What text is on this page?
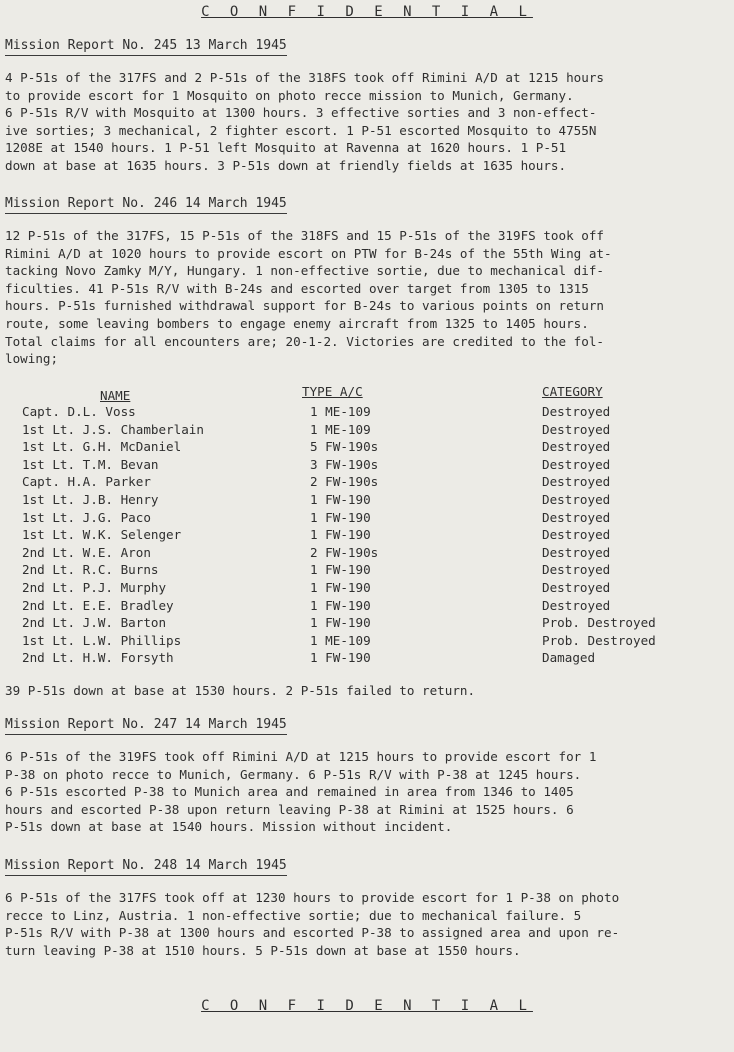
C O N F I D E N T I A L
Mission Report No. 245 13 March 1945
4 P-51s of the 317FS and 2 P-51s of the 318FS took off Rimini A/D at 1215 hours
to provide escort for 1 Mosquito on photo recce mission to Munich, Germany.
6 P-51s R/V with Mosquito at 1300 hours. 3 effective sorties and 3 non-effect-
ive sorties; 3 mechanical, 2 fighter escort. 1 P-51 escorted Mosquito to 4755N
1208E at 1540 hours. 1 P-51 left Mosquito at Ravenna at 1620 hours. 1 P-51
down at base at 1635 hours. 3 P-51s down at friendly fields at 1635 hours.
Mission Report No. 246 14 March 1945
12 P-51s of the 317FS, 15 P-51s of the 318FS and 15 P-51s of the 319FS took off
Rimini A/D at 1020 hours to provide escort on PTW for B-24s of the 55th Wing at-
tacking Novo Zamky M/Y, Hungary. 1 non-effective sortie, due to mechanical dif-
ficulties. 41 P-51s R/V with B-24s and escorted over target from 1305 to 1315
hours. P-51s furnished withdrawal support for B-24s to various points on return
route, some leaving bombers to engage enemy aircraft from 1325 to 1405 hours.
Total claims for all encounters are; 20-1-2. Victories are credited to the fol-
lowing;
NAME	TYPE A/C	CATEGORY
Capt. D.L. Voss	1 ME-109	Destroyed
1st Lt. J.S. Chamberlain	1 ME-109	Destroyed
1st Lt. G.H. McDaniel	5 FW-190s	Destroyed
1st Lt. T.M. Bevan	3 FW-190s	Destroyed
Capt. H.A. Parker	2 FW-190s	Destroyed
1st Lt. J.B. Henry	1 FW-190	Destroyed
1st Lt. J.G. Paco	1 FW-190	Destroyed
1st Lt. W.K. Selenger	1 FW-190	Destroyed
2nd Lt. W.E. Aron	2 FW-190s	Destroyed
2nd Lt. R.C. Burns	1 FW-190	Destroyed
2nd Lt. P.J. Murphy	1 FW-190	Destroyed
2nd Lt. E.E. Bradley	1 FW-190	Destroyed
2nd Lt. J.W. Barton	1 FW-190	Prob. Destroyed
1st Lt. L.W. Phillips	1 ME-109	Prob. Destroyed
2nd Lt. H.W. Forsyth	1 FW-190	Damaged
39 P-51s down at base at 1530 hours. 2 P-51s failed to return.
Mission Report No. 247 14 March 1945
6 P-51s of the 319FS took off Rimini A/D at 1215 hours to provide escort for 1
P-38 on photo recce to Munich, Germany. 6 P-51s R/V with P-38 at 1245 hours.
6 P-51s escorted P-38 to Munich area and remained in area from 1346 to 1405
hours and escorted P-38 upon return leaving P-38 at Rimini at 1525 hours. 6
P-51s down at base at 1540 hours. Mission without incident.
Mission Report No. 248 14 March 1945
6 P-51s of the 317FS took off at 1230 hours to provide escort for 1 P-38 on photo
recce to Linz, Austria. 1 non-effective sortie; due to mechanical failure. 5
P-51s R/V with P-38 at 1300 hours and escorted P-38 to assigned area and upon re-
turn leaving P-38 at 1510 hours. 5 P-51s down at base at 1550 hours.
C O N F I D E N T I A L
